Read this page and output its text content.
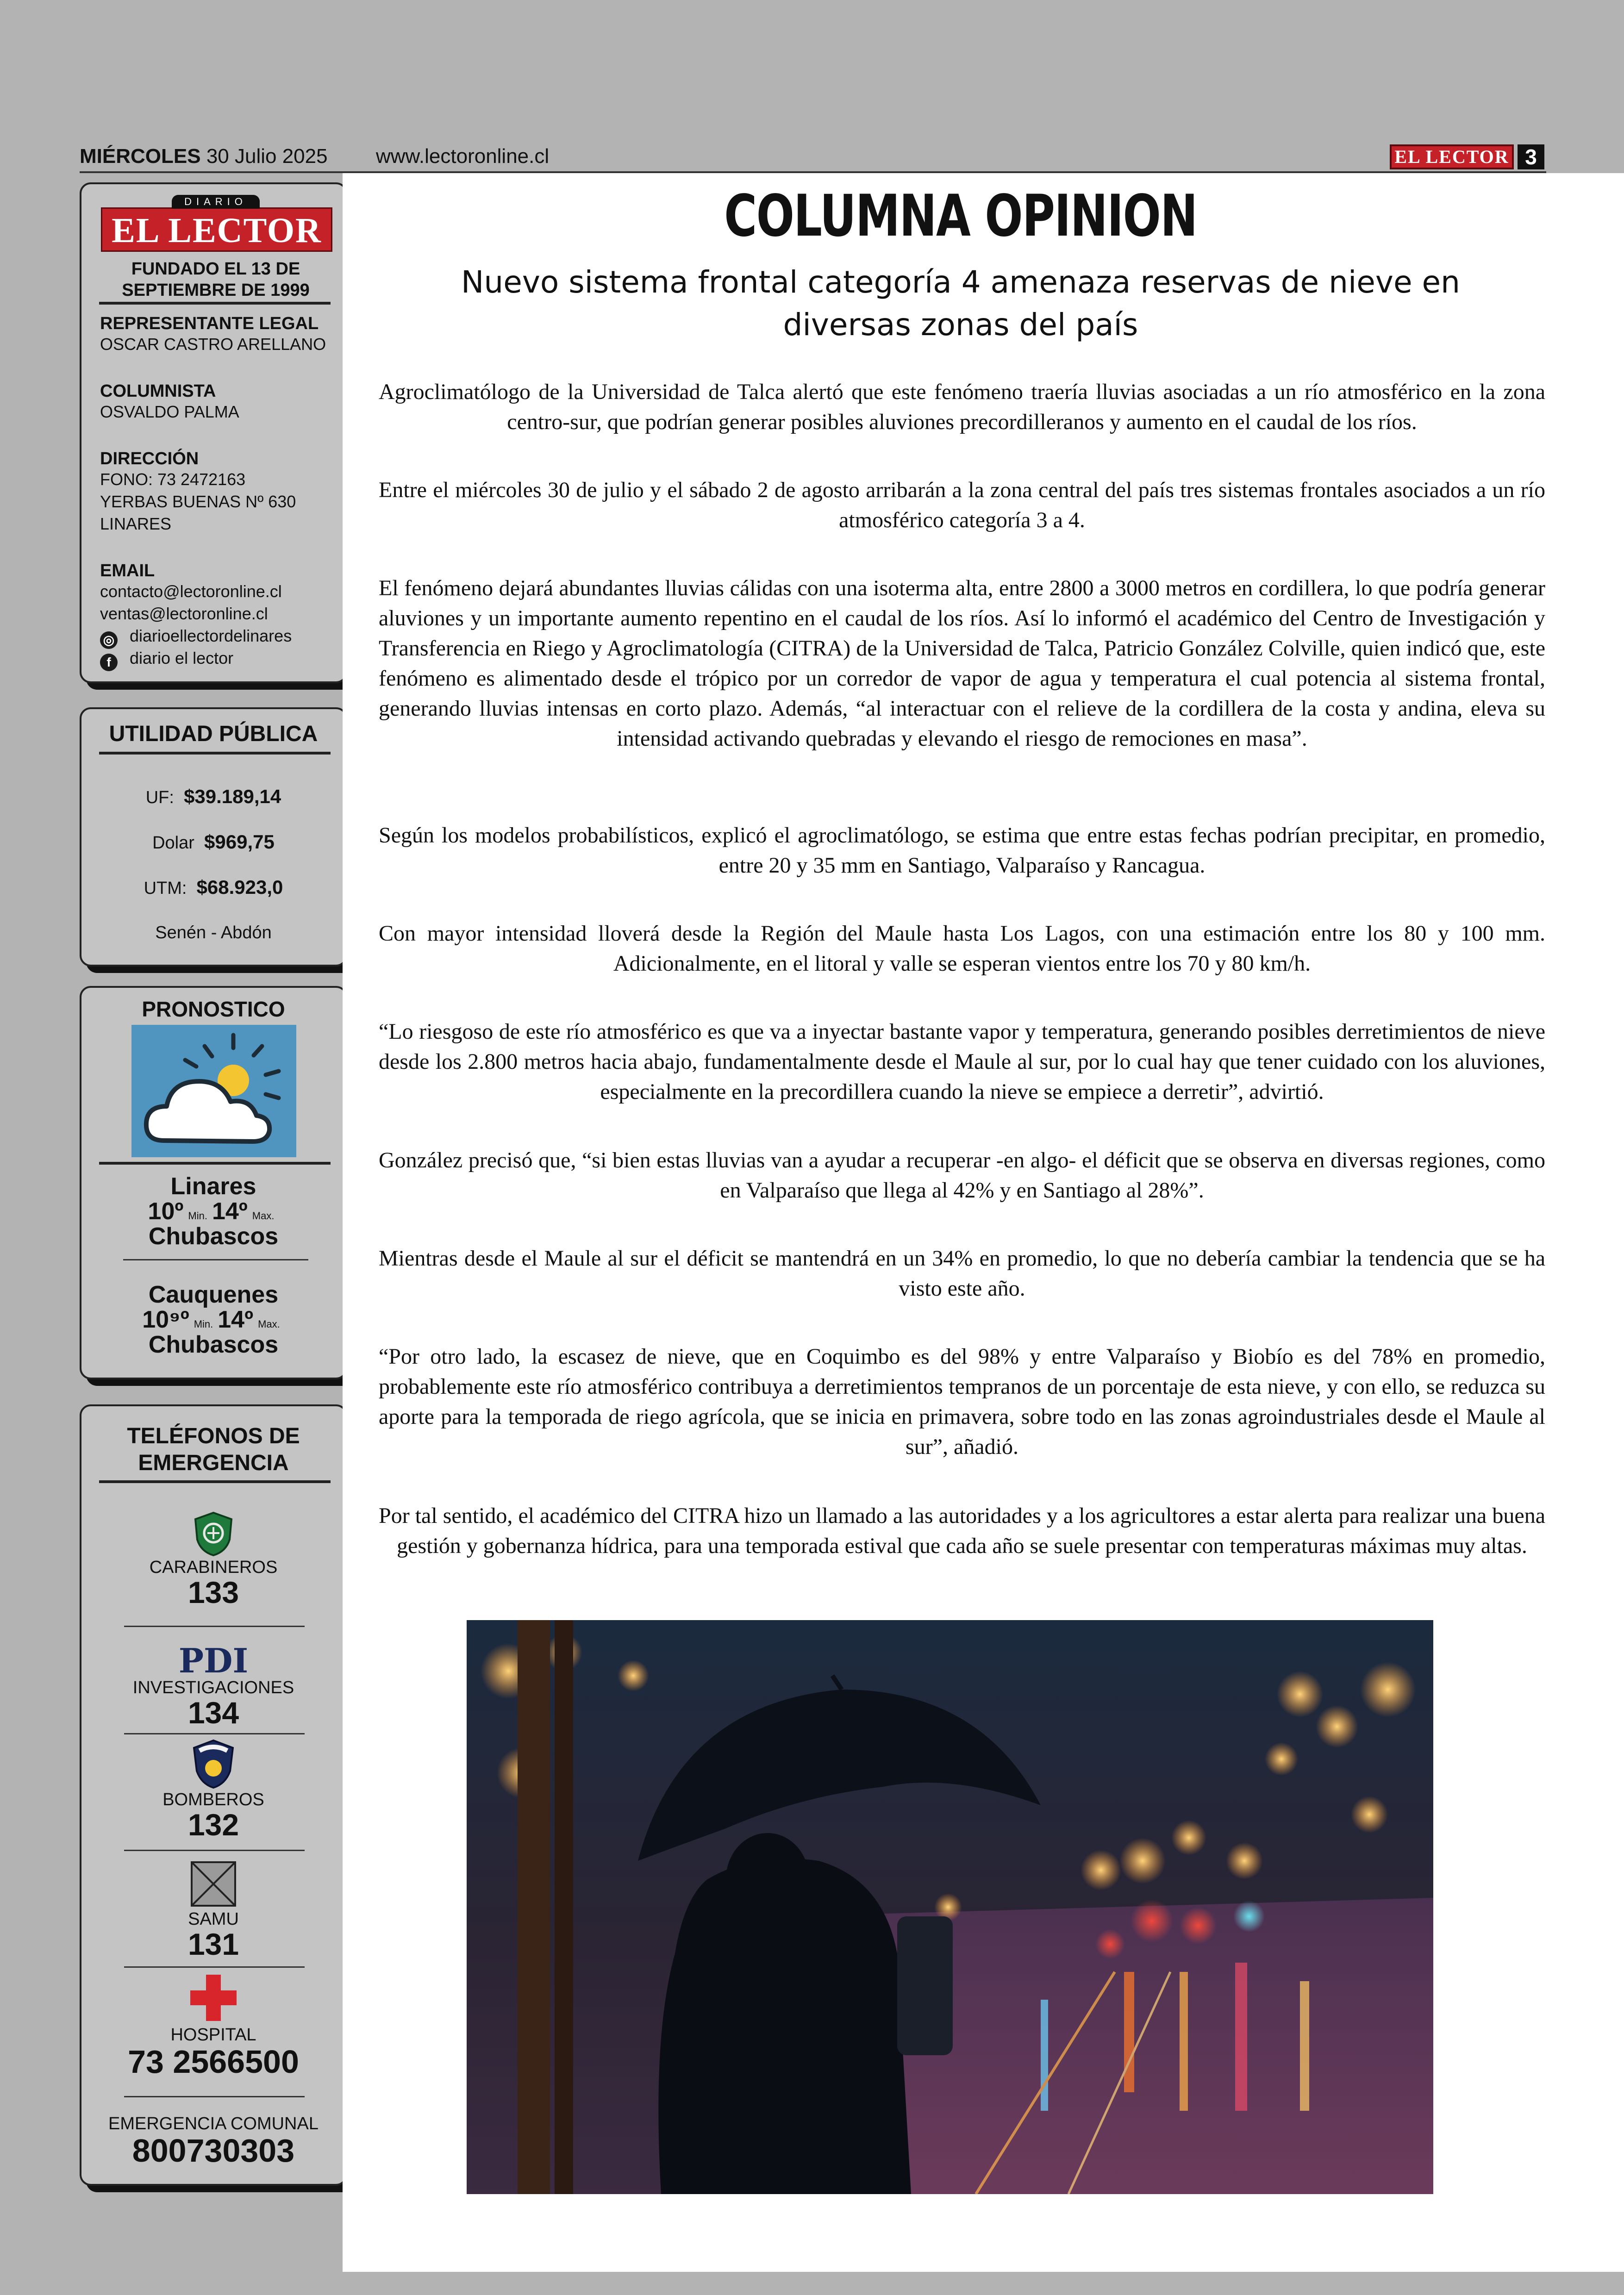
MIÉRCOLES 30 Julio 2025 www.lectoronline.cl	EL LECTOR 3
DIARIO
EL LECTOR
FUNDADO EL 13 DE SEPTIEMBRE DE 1999
REPRESENTANTE LEGAL
OSCAR CASTRO ARELLANO
COLUMNISTA
OSVALDO PALMA
DIRECCIÓN
FONO: 73 2472163
YERBAS BUENAS Nº 630
LINARES
EMAIL
contacto@lectoronline.cl
ventas@lectoronline.cl
◎ diarioellectordelinares
f diario el lector
UTILIDAD PÚBLICA
UF: $39.189,14
Dolar $969,75
UTM: $68.923,0
Senén - Abdón
PRONOSTICO
Linares
10º Min. 14º Max.
Chubascos
Cauquenes
10⁹º Min. 14º Max.
Chubascos
TELÉFONOS DE EMERGENCIA
CARABINEROS
133
PDI
INVESTIGACIONES
134
BOMBEROS
132
SAMU
131
HOSPITAL
73 2566500
EMERGENCIA COMUNAL
800730303
COLUMNA OPINION
Nuevo sistema frontal categoría 4 amenaza reservas de nieve en diversas zonas del país

Agroclimatólogo de la Universidad de Talca alertó que este fenómeno traería lluvias asociadas a un río atmosférico en la zona centro-sur, que podrían generar posibles aluviones precordilleranos y aumento en el caudal de los ríos.

Entre el miércoles 30 de julio y el sábado 2 de agosto arribarán a la zona central del país tres sistemas frontales asociados a un río atmosférico categoría 3 a 4.

El fenómeno dejará abundantes lluvias cálidas con una isoterma alta, entre 2800 a 3000 metros en cordillera, lo que podría generar aluviones y un importante aumento repentino en el caudal de los ríos. Así lo informó el académico del Centro de Investigación y Transferencia en Riego y Agroclimatología (CITRA) de la Universidad de Talca, Patricio González Colville, quien indicó que, este fenómeno es alimentado desde el trópico por un corredor de vapor de agua y temperatura el cual potencia al sistema frontal, generando lluvias intensas en corto plazo. Además, “al interactuar con el relieve de la cordillera de la costa y andina, eleva su intensidad activando quebradas y elevando el riesgo de remociones en masa”.

Según los modelos probabilísticos, explicó el agroclimatólogo, se estima que entre estas fechas podrían precipitar, en promedio, entre 20 y 35 mm en Santiago, Valparaíso y Rancagua.

Con mayor intensidad lloverá desde la Región del Maule hasta Los Lagos, con una estimación entre los 80 y 100 mm. Adicionalmente, en el litoral y valle se esperan vientos entre los 70 y 80 km/h.

“Lo riesgoso de este río atmosférico es que va a inyectar bastante vapor y temperatura, generando posibles derretimientos de nieve desde los 2.800 metros hacia abajo, fundamentalmente desde el Maule al sur, por lo cual hay que tener cuidado con los aluviones, especialmente en la precordillera cuando la nieve se empiece a derretir”, advirtió.

González precisó que, “si bien estas lluvias van a ayudar a recuperar -en algo- el déficit que se observa en diversas regiones, como en Valparaíso que llega al 42% y en Santiago al 28%”.

Mientras desde el Maule al sur el déficit se mantendrá en un 34% en promedio, lo que no debería cambiar la tendencia que se ha visto este año.

“Por otro lado, la escasez de nieve, que en Coquimbo es del 98% y entre Valparaíso y Biobío es del 78% en promedio, probablemente este río atmosférico contribuya a derretimientos tempranos de un porcentaje de esta nieve, y con ello, se reduzca su aporte para la temporada de riego agrícola, que se inicia en primavera, sobre todo en las zonas agroindustriales desde el Maule al sur”, añadió.

Por tal sentido, el académico del CITRA hizo un llamado a las autoridades y a los agricultores a estar alerta para realizar una buena gestión y gobernanza hídrica, para una temporada estival que cada año se suele presentar con temperaturas máximas muy altas.
